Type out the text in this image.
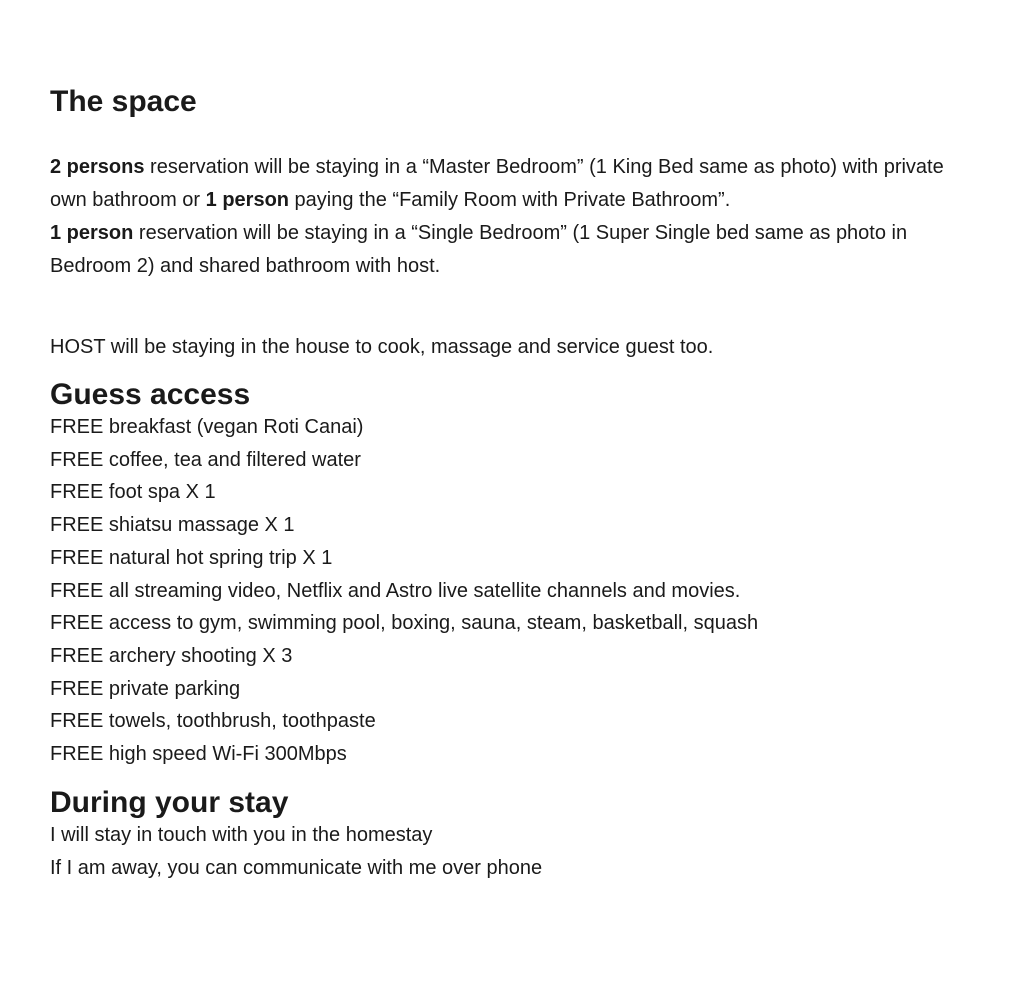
The space

2 persons reservation will be staying in a “Master Bedroom” (1 King Bed same as photo) with private own bathroom or 1 person paying the “Family Room with Private Bathroom”.

1 person reservation will be staying in a “Single Bedroom” (1 Super Single bed same as photo in Bedroom 2) and shared bathroom with host.

HOST will be staying in the house to cook, massage and service guest too.

Guess access
FREE breakfast (vegan Roti Canai)
FREE coffee, tea and filtered water
FREE foot spa X 1
FREE shiatsu massage X 1
FREE natural hot spring trip X 1
FREE all streaming video, Netflix and Astro live satellite channels and movies.
FREE access to gym, swimming pool, boxing, sauna, steam, basketball, squash
FREE archery shooting X 3
FREE private parking
FREE towels, toothbrush, toothpaste
FREE high speed Wi-Fi 300Mbps
During your stay

I will stay in touch with you in the homestay

If I am away, you can communicate with me over phone
